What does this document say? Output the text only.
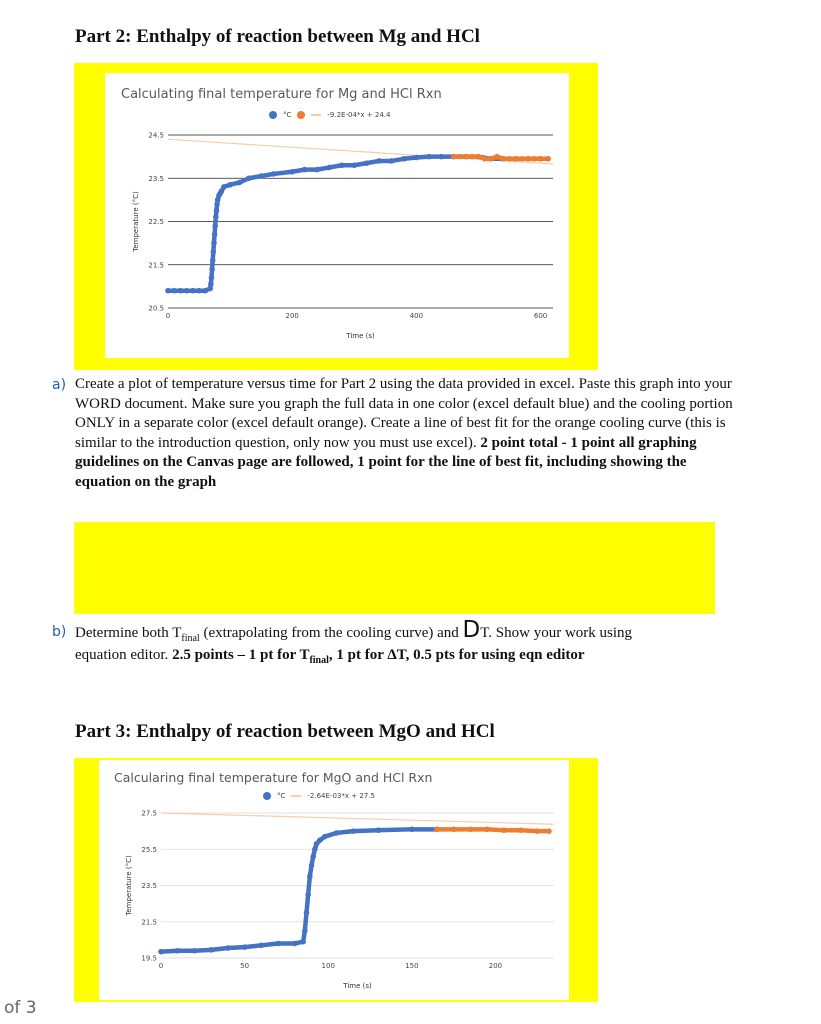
Part 2: Enthalpy of reaction between Mg and HCl
Calculating final temperature for Mg and HCl Rxn
°C	-9.2E-04*x + 24.4
20.5
21.5
22.5
23.5
24.5
0	200	400	600
Time (s)
Temperature (°C)
a) Create a plot of temperature versus time for Part 2 using the data provided in excel. Paste this graph into your WORD document. Make sure you graph the full data in one color (excel default blue) and the cooling portion ONLY in a separate color (excel default orange). Create a line of best fit for the orange cooling curve (this is similar to the introduction question, only now you must use excel). 2 point total - 1 point all graphing guidelines on the Canvas page are followed, 1 point for the line of best fit, including showing the equation on the graph
b) Determine both $T_{final}$ (extrapolating from the cooling curve) and DT. Show your work using
equation editor. 2.5 points – 1 pt for $T_{final}$, 1 pt for ΔT, 0.5 pts for using eqn editor
Part 3: Enthalpy of reaction between MgO and HCl
Calcularing final temperature for MgO and HCl Rxn
°C	-2.64E-03*x + 27.5
19.5
21.5
23.5
25.5
27.5
0	50	100	150	200
Time (s)
Temperature (°C)
of 3
